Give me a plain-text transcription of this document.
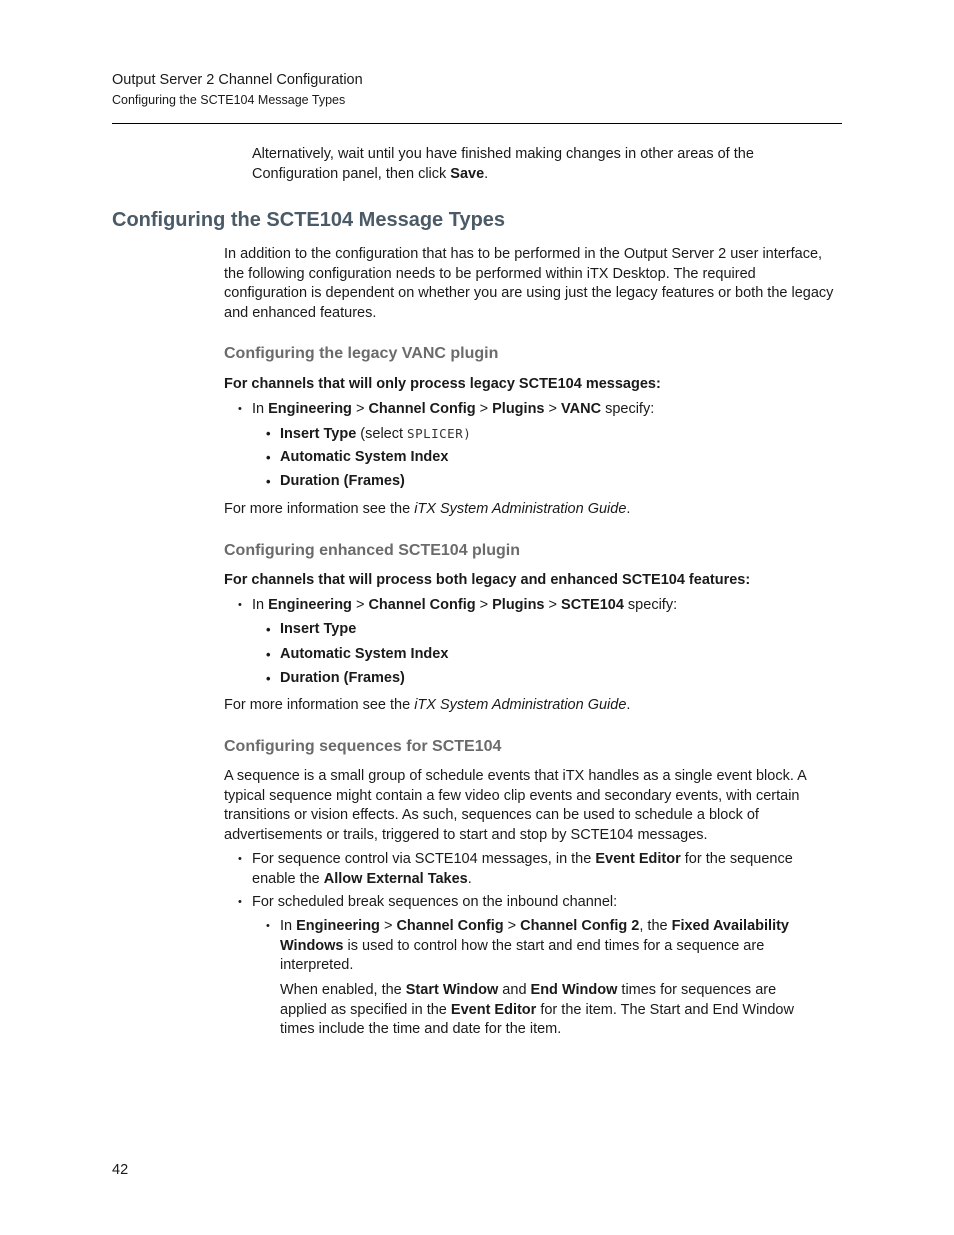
Output Server 2 Channel Configuration
Configuring the SCTE104 Message Types
Alternatively, wait until you have finished making changes in other areas of the
Configuration panel, then click Save.
Configuring the SCTE104 Message Types
In addition to the configuration that has to be performed in the Output Server 2 user interface, the following configuration needs to be performed within iTX Desktop. The required configuration is dependent on whether you are using just the legacy features or both the legacy and enhanced features.
Configuring the legacy VANC plugin
For channels that will only process legacy SCTE104 messages:
• In Engineering > Channel Config > Plugins > VANC specify:
• Insert Type (select SPLICER)
• Automatic System Index
• Duration (Frames)
For more information see the iTX System Administration Guide.
Configuring enhanced SCTE104 plugin
For channels that will process both legacy and enhanced SCTE104 features:
• In Engineering > Channel Config > Plugins > SCTE104 specify:
• Insert Type
• Automatic System Index
• Duration (Frames)
For more information see the iTX System Administration Guide.
Configuring sequences for SCTE104
A sequence is a small group of schedule events that iTX handles as a single event block. A typical sequence might contain a few video clip events and secondary events, with certain transitions or vision effects. As such, sequences can be used to schedule a block of advertisements or trails, triggered to start and stop by SCTE104 messages.
• For sequence control via SCTE104 messages, in the Event Editor for the sequence enable the Allow External Takes.
• For scheduled break sequences on the inbound channel:
• In Engineering > Channel Config > Channel Config 2, the Fixed Availability Windows is used to control how the start and end times for a sequence are interpreted.
When enabled, the Start Window and End Window times for sequences are applied as specified in the Event Editor for the item. The Start and End Window times include the time and date for the item.
42
